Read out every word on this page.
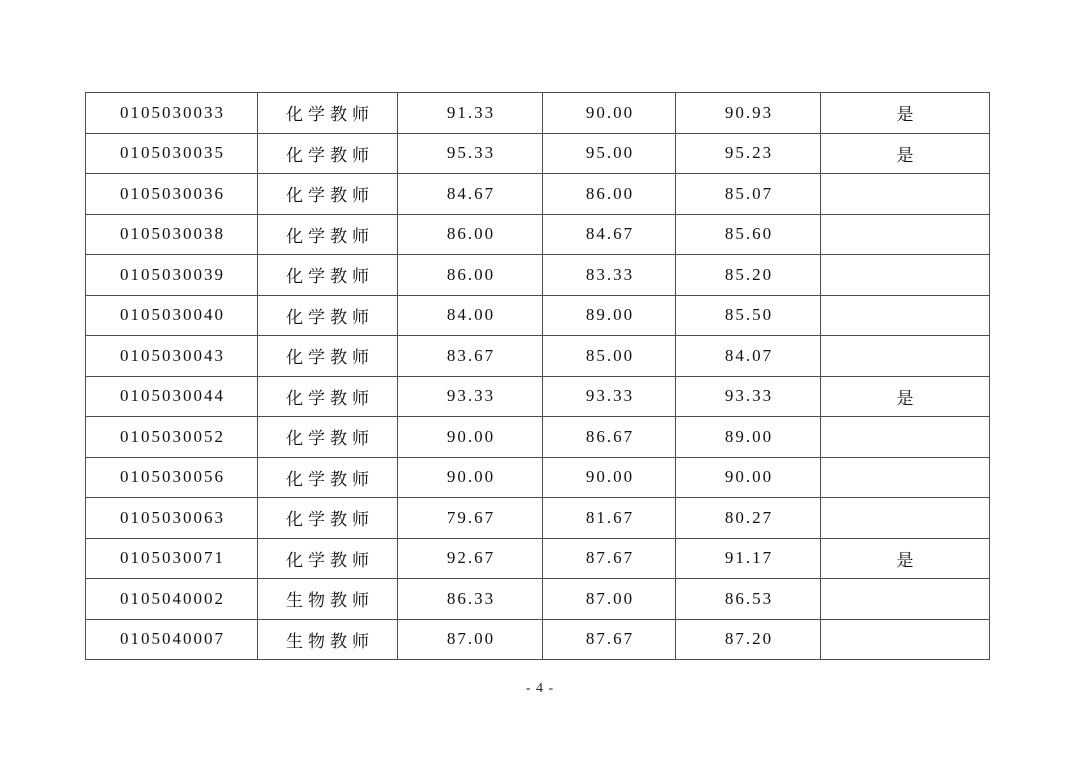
0105030033	化学教师	91.33	90.00	90.93	是
0105030035	化学教师	95.33	95.00	95.23	是
0105030036	化学教师	84.67	86.00	85.07	
0105030038	化学教师	86.00	84.67	85.60	
0105030039	化学教师	86.00	83.33	85.20	
0105030040	化学教师	84.00	89.00	85.50	
0105030043	化学教师	83.67	85.00	84.07	
0105030044	化学教师	93.33	93.33	93.33	是
0105030052	化学教师	90.00	86.67	89.00	
0105030056	化学教师	90.00	90.00	90.00	
0105030063	化学教师	79.67	81.67	80.27	
0105030071	化学教师	92.67	87.67	91.17	是
0105040002	生物教师	86.33	87.00	86.53	
0105040007	生物教师	87.00	87.67	87.20	
- 4 -
